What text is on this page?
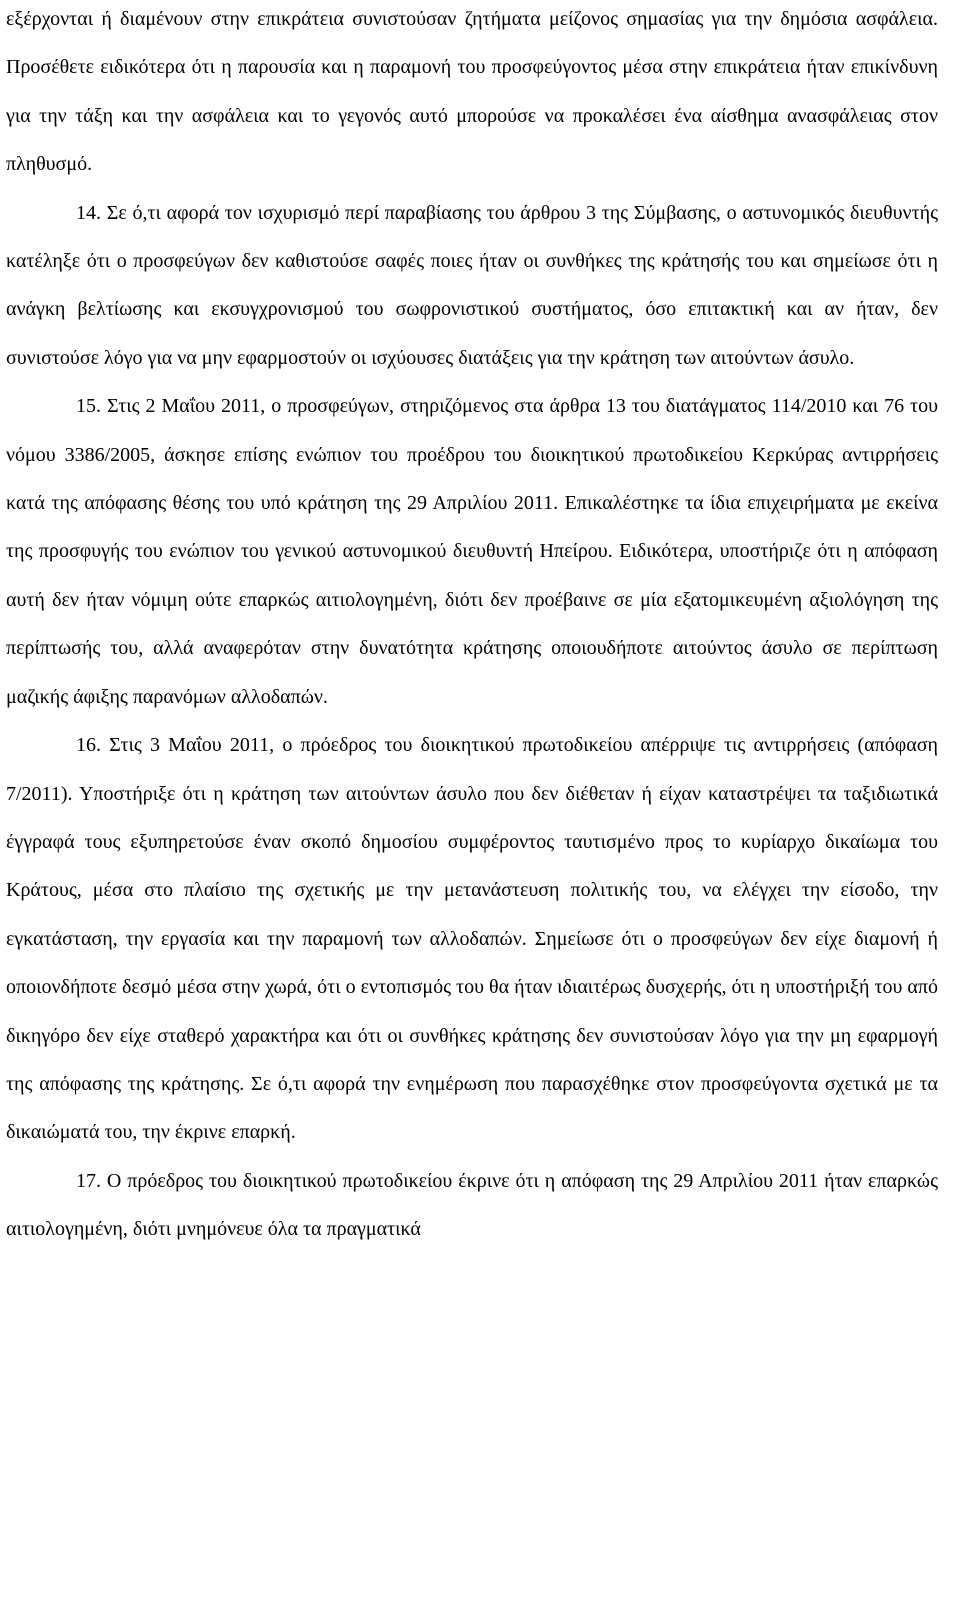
εξέρχονται ή διαμένουν στην επικράτεια συνιστούσαν ζητήματα μείζονος σημασίας για την δημόσια ασφάλεια. Προσέθετε ειδικότερα ότι η παρουσία και η παραμονή του προσφεύγοντος μέσα στην επικράτεια ήταν επικίνδυνη για την τάξη και την ασφάλεια και το γεγονός αυτό μπορούσε να προκαλέσει ένα αίσθημα ανασφάλειας στον πληθυσμό.

14. Σε ό,τι αφορά τον ισχυρισμό περί παραβίασης του άρθρου 3 της Σύμβασης, ο αστυνομικός διευθυντής κατέληξε ότι ο προσφεύγων δεν καθιστούσε σαφές ποιες ήταν οι συνθήκες της κράτησής του και σημείωσε ότι η ανάγκη βελτίωσης και εκσυγχρονισμού του σωφρονιστικού συστήματος, όσο επιτακτική και αν ήταν, δεν συνιστούσε λόγο για να μην εφαρμοστούν οι ισχύουσες διατάξεις για την κράτηση των αιτούντων άσυλο.

15. Στις 2 Μαΐου 2011, ο προσφεύγων, στηριζόμενος στα άρθρα 13 του διατάγματος 114/2010 και 76 του νόμου 3386/2005, άσκησε επίσης ενώπιον του προέδρου του διοικητικού πρωτοδικείου Κερκύρας αντιρρήσεις κατά της απόφασης θέσης του υπό κράτηση της 29 Απριλίου 2011. Επικαλέστηκε τα ίδια επιχειρήματα με εκείνα της προσφυγής του ενώπιον του γενικού αστυνομικού διευθυντή Ηπείρου. Ειδικότερα, υποστήριζε ότι η απόφαση αυτή δεν ήταν νόμιμη ούτε επαρκώς αιτιολογημένη, διότι δεν προέβαινε σε μία εξατομικευμένη αξιολόγηση της περίπτωσής του, αλλά αναφερόταν στην δυνατότητα κράτησης οποιουδήποτε αιτούντος άσυλο σε περίπτωση μαζικής άφιξης παρανόμων αλλοδαπών.

16. Στις 3 Μαΐου 2011, ο πρόεδρος του διοικητικού πρωτοδικείου απέρριψε τις αντιρρήσεις (απόφαση 7/2011). Υποστήριξε ότι η κράτηση των αιτούντων άσυλο που δεν διέθεταν ή είχαν καταστρέψει τα ταξιδιωτικά έγγραφά τους εξυπηρετούσε έναν σκοπό δημοσίου συμφέροντος ταυτισμένο προς το κυρίαρχο δικαίωμα του Κράτους, μέσα στο πλαίσιο της σχετικής με την μετανάστευση πολιτικής του, να ελέγχει την είσοδο, την εγκατάσταση, την εργασία και την παραμονή των αλλοδαπών. Σημείωσε ότι ο προσφεύγων δεν είχε διαμονή ή οποιονδήποτε δεσμό μέσα στην χωρά, ότι ο εντοπισμός του θα ήταν ιδιαιτέρως δυσχερής, ότι η υποστήριξή του από δικηγόρο δεν είχε σταθερό χαρακτήρα και ότι οι συνθήκες κράτησης δεν συνιστούσαν λόγο για την μη εφαρμογή της απόφασης της κράτησης. Σε ό,τι αφορά την ενημέρωση που παρασχέθηκε στον προσφεύγοντα σχετικά με τα δικαιώματά του, την έκρινε επαρκή.

17. Ο πρόεδρος του διοικητικού πρωτοδικείου έκρινε ότι η απόφαση της 29 Απριλίου 2011 ήταν επαρκώς αιτιολογημένη, διότι μνημόνευε όλα τα πραγματικά
